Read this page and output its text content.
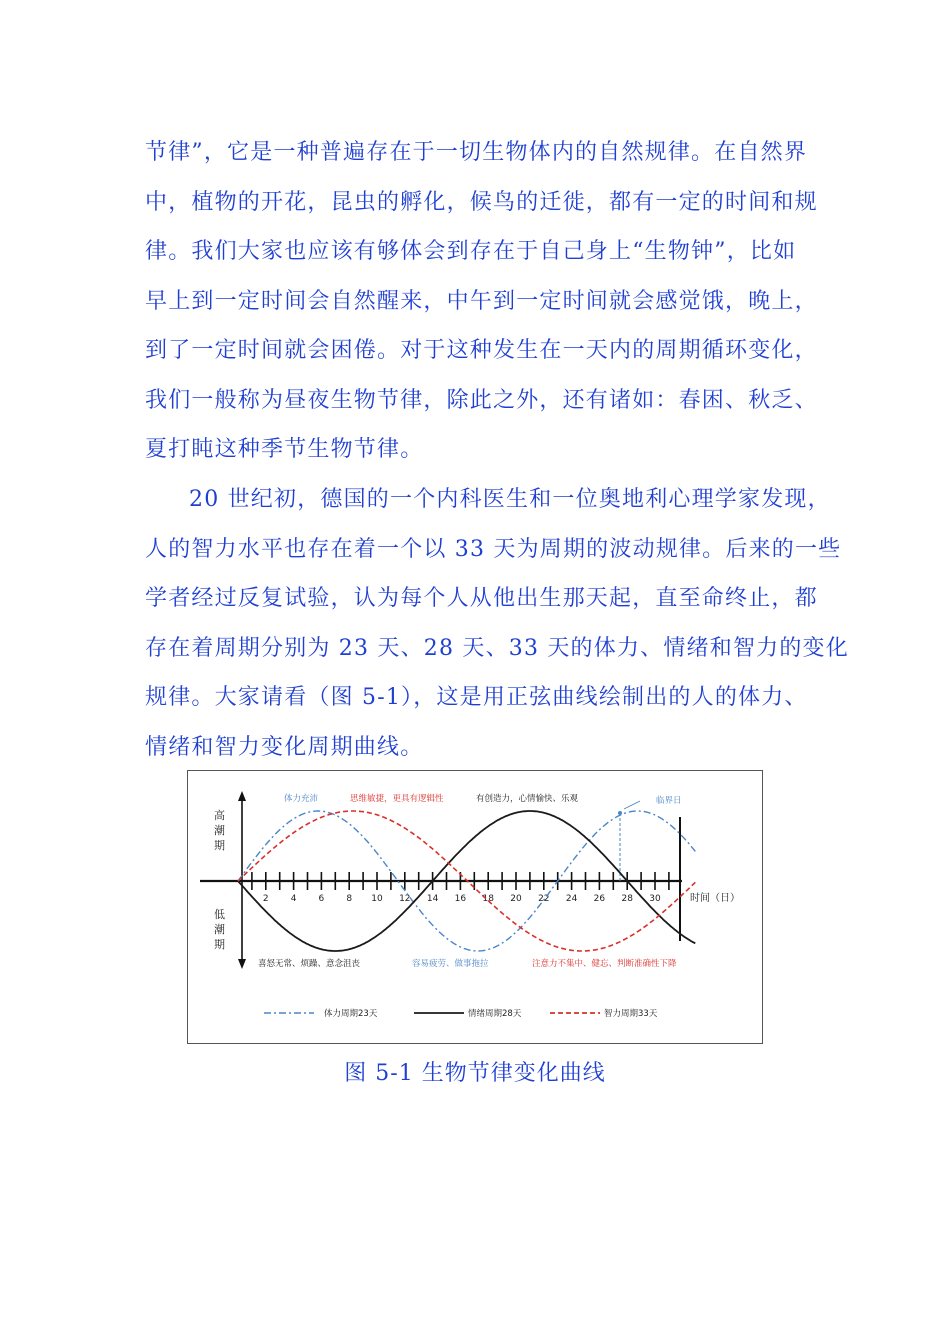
节律”，它是一种普遍存在于一切生物体内的自然规律。在自然界
中，植物的开花，昆虫的孵化，候鸟的迁徙，都有一定的时间和规
律。我们大家也应该有够体会到存在于自己身上“生物钟”，比如
早上到一定时间会自然醒来，中午到一定时间就会感觉饿，晚上，
到了一定时间就会困倦。对于这种发生在一天内的周期循环变化，
我们一般称为昼夜生物节律，除此之外，还有诸如：春困、秋乏、
夏打盹这种季节生物节律。

20 世纪初，德国的一个内科医生和一位奥地利心理学家发现，
人的智力水平也存在着一个以 33 天为周期的波动规律。后来的一些
学者经过反复试验，认为每个人从他出生那天起，直至命终止，都
存在着周期分别为 23 天、28 天、33 天的体力、情绪和智力的变化
规律。大家请看（图 5-1），这是用正弦曲线绘制出的人的体力、
情绪和智力变化周期曲线。

2 4 6 8 10 12 14 16 18 20 22 24 26 28 30
高
潮
期
低
潮
期
体力充沛	思维敏捷，更具有逻辑性	有创造力，心情愉快、乐观	临界日
喜怒无常、烦躁、意念沮丧	容易疲劳、做事拖拉	注意力不集中、健忘、判断准确性下降
时间（日）
体力周期23天	情绪周期28天	智力周期33天
图 5-1 生物节律变化曲线
